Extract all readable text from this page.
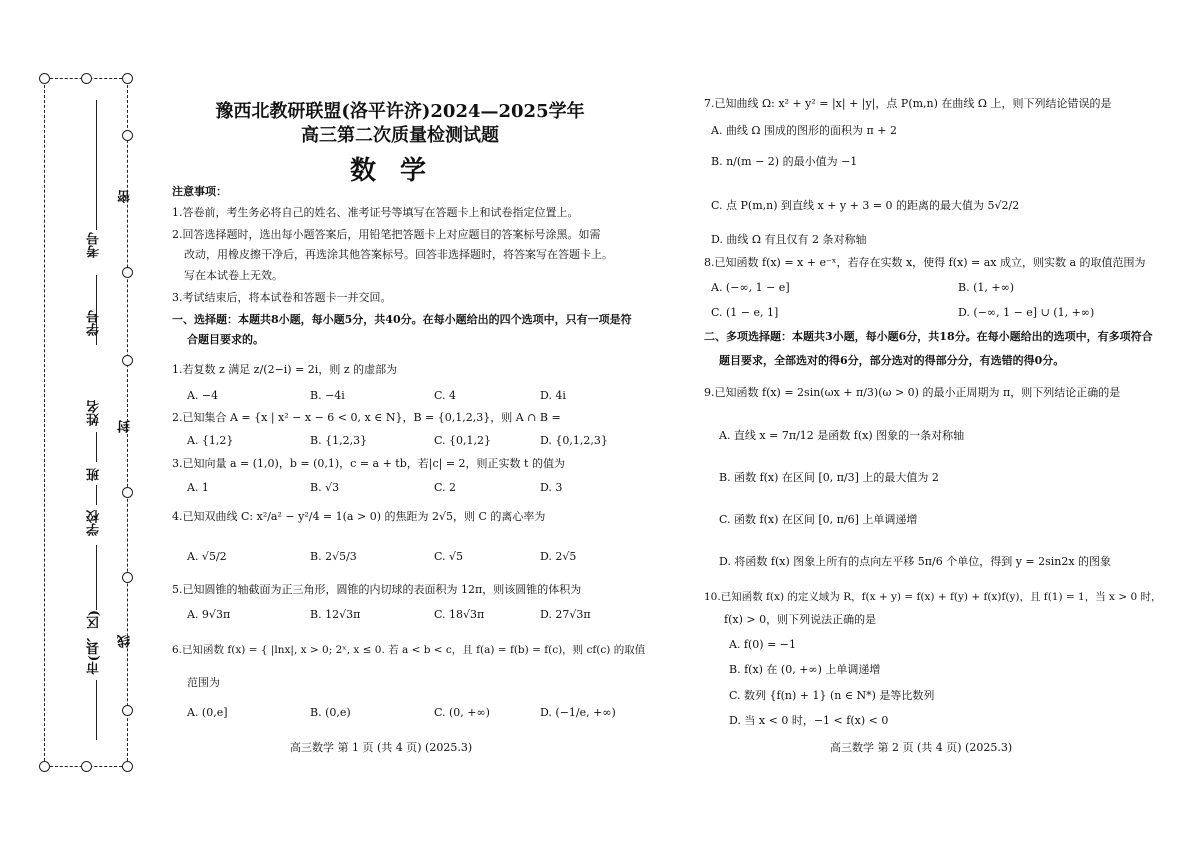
密
封
线
考号
学号
姓名
班
学校
市(县、区)
豫西北教研联盟(洛平许济)2024—2025学年
高三第二次质量检测试题
数学
注意事项：
1.答卷前，考生务必将自己的姓名、准考证号等填写在答题卡上和试卷指定位置上。
2.回答选择题时，选出每小题答案后，用铅笔把答题卡上对应题目的答案标号涂黑。如需
改动，用橡皮擦干净后，再选涂其他答案标号。回答非选择题时，将答案写在答题卡上。
写在本试卷上无效。
3.考试结束后，将本试卷和答题卡一并交回。
一、选择题：本题共8小题，每小题5分，共40分。在每小题给出的四个选项中，只有一项是符
合题目要求的。
1.若复数 z 满足 z/(2−i) = 2i，则 z 的虚部为
A. −4	B. −4i	C. 4	D. 4i
2.已知集合 A = {x | x² − x − 6 < 0, x ∈ N}，B = {0,1,2,3}，则 A ∩ B =
A. {1,2}	B. {1,2,3}	C. {0,1,2}	D. {0,1,2,3}
3.已知向量 a = (1,0)，b = (0,1)，c = a + tb，若|c| = 2，则正实数 t 的值为
A. 1	B. √3	C. 2	D. 3
4.已知双曲线 C: x²/a² − y²/4 = 1(a > 0) 的焦距为 2√5，则 C 的离心率为
A. √5/2	B. 2√5/3	C. √5	D. 2√5
5.已知圆锥的轴截面为正三角形，圆锥的内切球的表面积为 12π，则该圆锥的体积为
A. 9√3π	B. 12√3π	C. 18√3π	D. 27√3π
6.已知函数 f(x) = { |lnx|, x > 0; 2ˣ, x ≤ 0. 若 a < b < c，且 f(a) = f(b) = f(c)，则 cf(c) 的取值
范围为
A. (0,e]	B. (0,e)	C. (0, +∞)	D. (−1/e, +∞)
高三数学 第 1 页 (共 4 页) (2025.3)
7.已知曲线 Ω: x² + y² = |x| + |y|，点 P(m,n) 在曲线 Ω 上，则下列结论错误的是
A. 曲线 Ω 围成的图形的面积为 π + 2
B. n/(m − 2) 的最小值为 −1
C. 点 P(m,n) 到直线 x + y + 3 = 0 的距离的最大值为 5√2/2
D. 曲线 Ω 有且仅有 2 条对称轴
8.已知函数 f(x) = x + e⁻ˣ，若存在实数 x，使得 f(x) = ax 成立，则实数 a 的取值范围为
A. (−∞, 1 − e]	B. (1, +∞)
C. (1 − e, 1]	D. (−∞, 1 − e] ∪ (1, +∞)
二、多项选择题：本题共3小题，每小题6分，共18分。在每小题给出的选项中，有多项符合
题目要求，全部选对的得6分，部分选对的得部分分，有选错的得0分。
9.已知函数 f(x) = 2sin(ωx + π/3)(ω > 0) 的最小正周期为 π，则下列结论正确的是
A. 直线 x = 7π/12 是函数 f(x) 图象的一条对称轴
B. 函数 f(x) 在区间 [0, π/3] 上的最大值为 2
C. 函数 f(x) 在区间 [0, π/6] 上单调递增
D. 将函数 f(x) 图象上所有的点向左平移 5π/6 个单位，得到 y = 2sin2x 的图象
10.已知函数 f(x) 的定义域为 R，f(x + y) = f(x) + f(y) + f(x)f(y)，且 f(1) = 1，当 x > 0 时，
f(x) > 0，则下列说法正确的是
A. f(0) = −1
B. f(x) 在 (0, +∞) 上单调递增
C. 数列 {f(n) + 1} (n ∈ N*) 是等比数列
D. 当 x < 0 时，−1 < f(x) < 0
高三数学 第 2 页 (共 4 页) (2025.3)
